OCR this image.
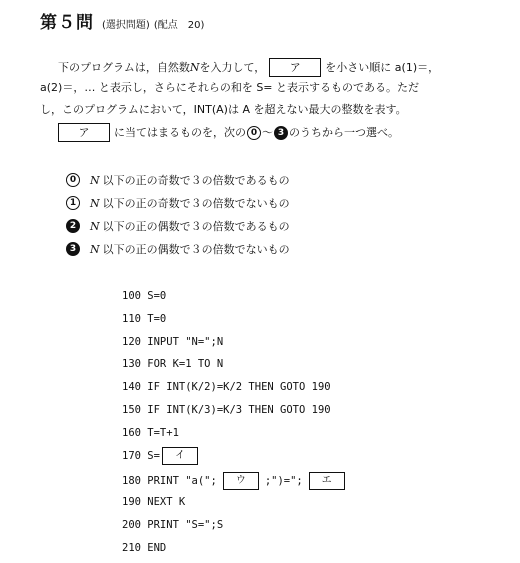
第５問 (選択問題) (配点 20)
下のプログラムは，自然数Nを入力して， ア を小さい順に a(1)＝，
a(2)＝，… と表示し，さらにそれらの和を S= と表示するものである。ただ
し，このプログラムにおいて，INT(A)は A を超えない最大の整数を表す。
ア に当てはまるものを，次の 0 〜 3 のうちから一つ選べ。
0	N 以下の正の奇数で３の倍数であるもの
1	N 以下の正の奇数で３の倍数でないもの
2	N 以下の正の偶数で３の倍数であるもの
3	N 以下の正の偶数で３の倍数でないもの
100 S=0
110 T=0
120 INPUT "N=";N
130 FOR K=1 TO N
140 IF INT(K/2)=K/2 THEN GOTO 190
150 IF INT(K/3)=K/3 THEN GOTO 190
160 T=T+1
170 S=	イ
180 PRINT "a(";	ウ	;")=";	エ
190 NEXT K
200 PRINT "S=";S
210 END
